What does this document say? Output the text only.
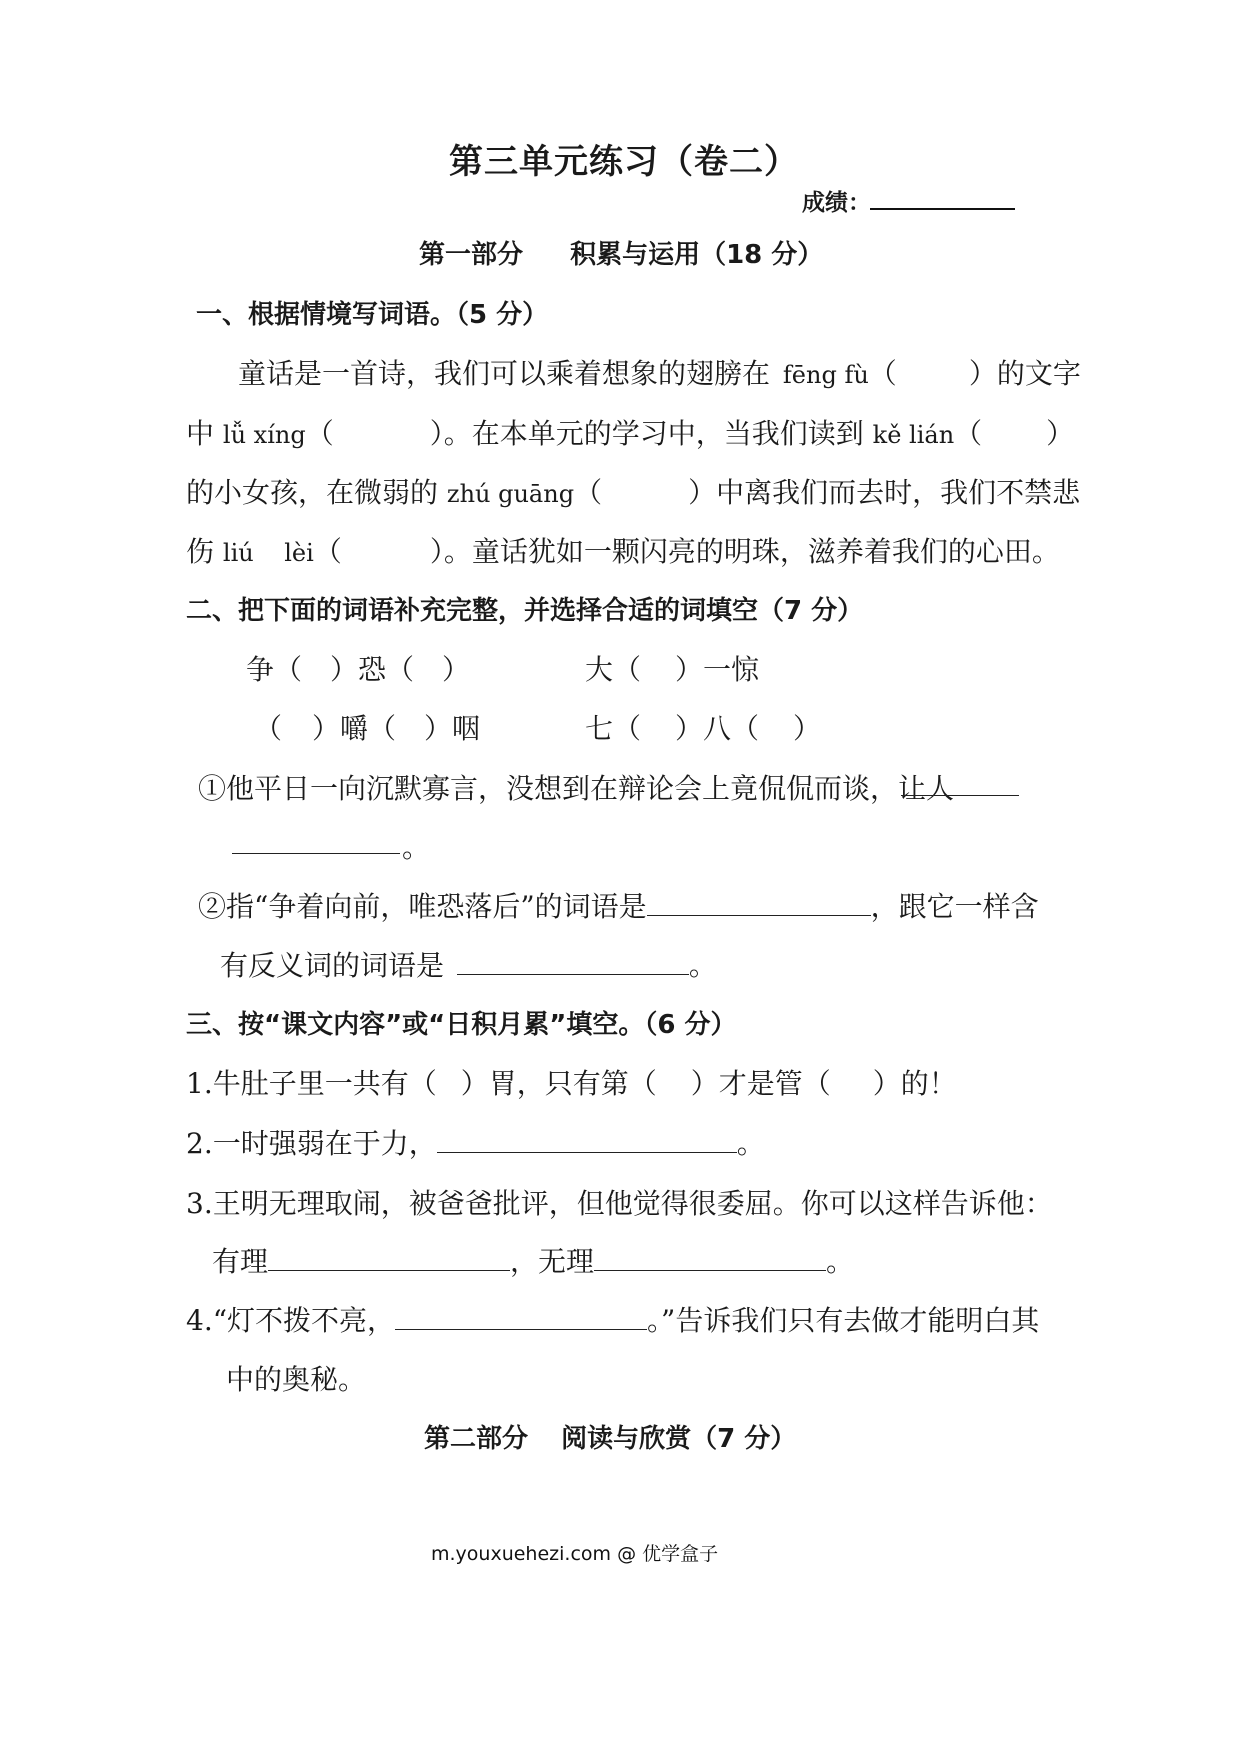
第三单元练习（卷二）
成绩：
第一部分 积累与运用（18 分）
一、根据情境写词语。（5 分）
童话是一首诗，我们可以乘着想象的翅膀在 fēng fù（	）的文字
中 lǚ xíng（	）。在本单元的学习中，当我们读到 kě lián（ ）
的小女孩，在微弱的 zhú guāng（	）中离我们而去时，我们不禁悲
伤 liú    lèi（	）。童话犹如一颗闪亮的明珠，滋养着我们的心田。
二、把下面的词语补充完整，并选择合适的词填空（7 分）
争（ ）恐（ ）	大（ ）一惊
（ ）嚼（ ）咽	七（ ）八（ ）
①他平日一向沉默寡言，没想到在辩论会上竟侃侃而谈，让人
。
②指“争着向前，唯恐落后”的词语是	，跟它一样含
有反义词的词语是	。
三、按“课文内容”或“日积月累”填空。（6 分）
1.牛肚子里一共有（ ）胃，只有第（ ）才是管（ ）的！
2.一时强弱在于力，	。
3.王明无理取闹，被爸爸批评，但他觉得很委屈。你可以这样告诉他：
有理	，无理	。
4.“灯不拨不亮，	。”告诉我们只有去做才能明白其
中的奥秘。
第二部分 阅读与欣赏（7 分）
m.youxuehezi.com @ 优学盒子
